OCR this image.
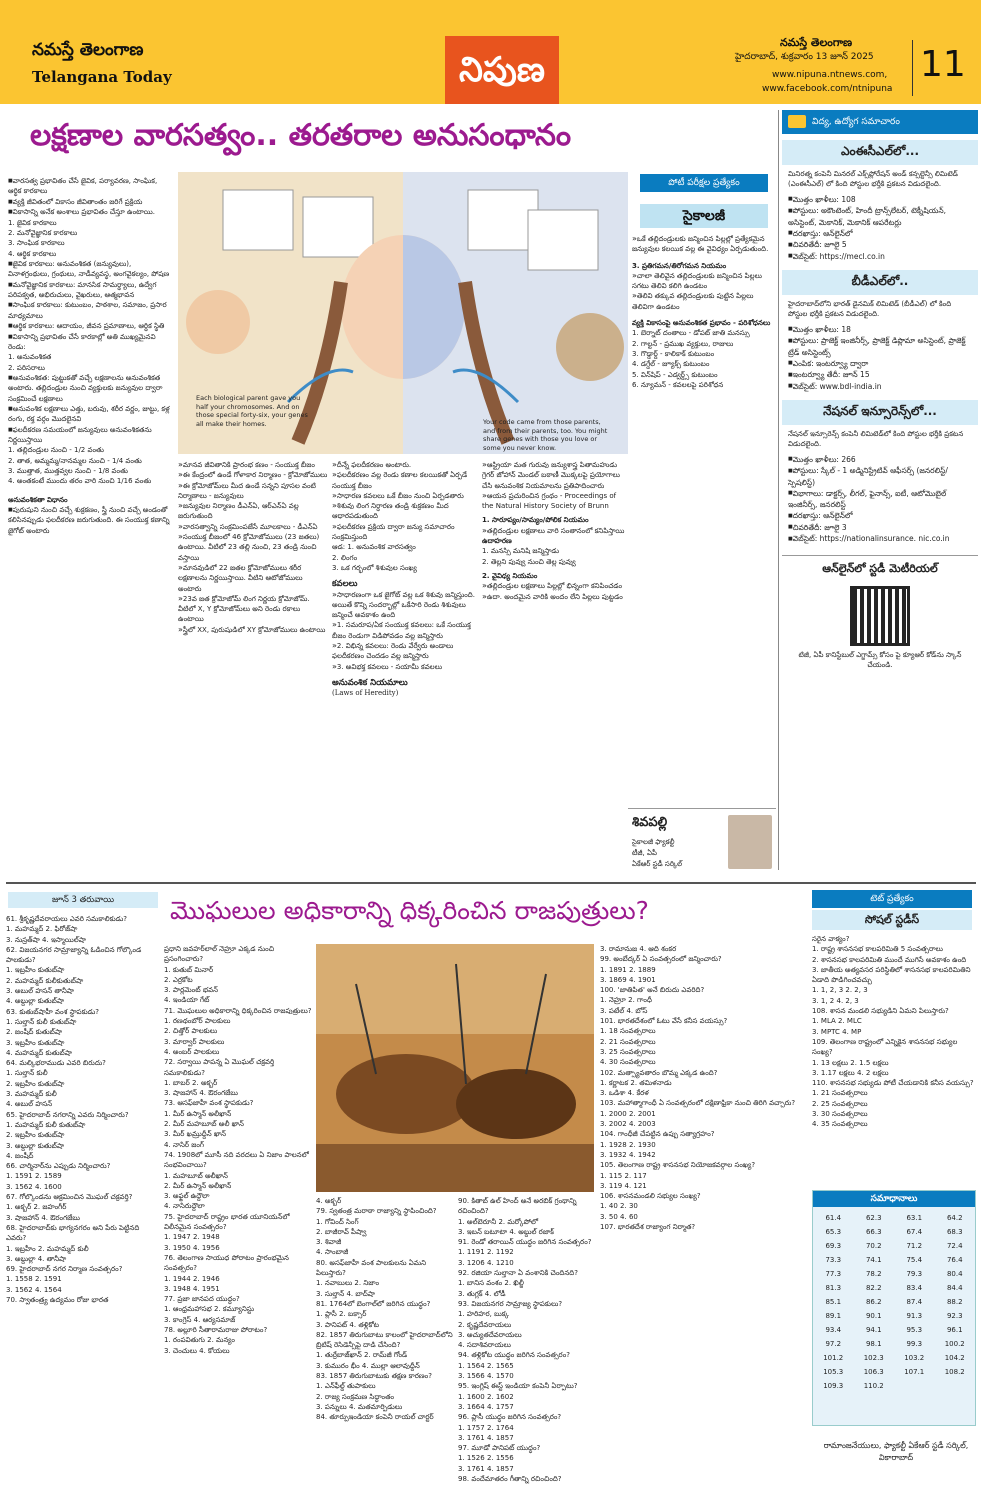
నమస్తే తెలంగాణ
Telangana Today	నిపుణ
నమస్తే తెలంగాణ
హైదరాబాద్, శుక్రవారం 13 జూన్ 2025
www.nipuna.ntnews.com,
www.facebook.com/ntnipuna
11
లక్షణాల వారసత్వం.. తరతరాల అనుసంధానం
Each biological parent gave you half your chromosomes. And on those special forty-six, your genes all make their homes.	Your code came from those parents, and from their parents, too. You might share genes with those you love or some you never know.
పోటీ పరీక్షల ప్రత్యేకం
సైకాలజీ

■ వారసత్వ ప్రభావితం చేసే జైవిక, పర్యావరణ, సాంఘిక, ఆర్థిక కారకాలు

■ వ్యక్తి జీవితంలో వికాసం జీవితాంతం జరిగే ప్రక్రియ

■ వికాసాన్ని అనేక అంశాలు ప్రభావితం చేస్తూ ఉంటాయి.

1. జైవిక కారకాలు

2. మనోవైజ్ఞానిక కారకాలు

3. సాంఘిక కారకాలు

4. ఆర్థిక కారకాలు

■ జైవిక కారకాలు: అనువంశికత (జన్యువులు), వినాళగ్రంథులు, గ్రంథులు, నాడీవ్యవస్థ, అంగవైకల్యం, పోషణ

■ మనోవైజ్ఞానిక కారకాలు: మానసిక సామర్థ్యాలు, ఉద్వేగ పరిపక్వత, అభిరుచులు, వైఖరులు, ఆత్మభావన

■ సాంఘిక కారకాలు: కుటుంబం, పాఠశాల, సమాజం, ప్రసార మాధ్యమాలు

■ ఆర్థిక కారకాలు: ఆదాయం, జీవన ప్రమాణాలు, ఆర్థిక స్థితి

■ వికాసాన్ని ప్రభావితం చేసే కారకాల్లో అతి ముఖ్యమైనవి రెండు:

1. అనువంశికత

2. పరిసరాలు

■ అనువంశికత: పుట్టుకతో వచ్చే లక్షణాలను అనువంశికత అంటారు. తల్లిదండ్రుల నుంచి వ్యక్తులకు జన్యువుల ద్వారా సంక్రమించే లక్షణాలు

■ అనువంశిక లక్షణాలు ఎత్తు, బరువు, శరీర వర్ణం, జుట్టు, కళ్ల రంగు, రక్త వర్గం మొదలైనవి

■ ఫలదీకరణ సమయంలో జన్యువులు అనువంశికతను నిర్ణయిస్తాయి

1. తల్లిదండ్రుల నుంచి - 1/2 వంతు

2. తాత, అమ్మమ్మ/నానమ్మల నుంచి - 1/4 వంతు

3. ముత్తాత, ముత్తవ్వల నుంచి - 1/8 వంతు

4. అంతకంటే ముందు తరం వారి నుంచి 1/16 వంతు

అనువంశికతా విధానం

■ పురుషుని నుంచి వచ్చే శుక్రకణం, స్త్రీ నుంచి వచ్చే అండంతో కలిసినప్పుడు ఫలదీకరణ జరుగుతుంది. ఈ సంయుక్త కణాన్ని జైగోట్ అంటారు

» మానవ జీవితానికి ప్రారంభ కణం - సంయుక్త బీజం

» ఈ కేంద్రంలో ఉండే గోళాకార నిర్మాణం - క్రోమోజోములు

» ఈ క్రోమోజోమ్‌లు మీద ఉండే సన్నని పూసల వంటి నిర్మాణాలు - జన్యువులు

» జన్యువుల నిర్మాణం డీఎన్ఏ, ఆర్ఎన్ఏ వల్ల జరుగుతుంది

» వారసత్వాన్ని సంక్రమింపజేసే మూలకాలు - డీఎన్ఏ

» సంయుక్త బీజంలో 46 క్రోమోజోములు (23 జతలు) ఉంటాయి. వీటిలో 23 తల్లి నుంచి, 23 తండ్రి నుంచి వస్తాయి

» మానవుడిలో 22 జతల క్రోమోజోములు శరీర లక్షణాలను నిర్ణయిస్తాయి. వీటిని ఆటోజోములు అంటారు

» 23వ జత క్రోమోజోమ్‌ లింగ నిర్ణయ క్రోమోజోమ్‌. వీటిలో X, Y క్రోమోజోమ్‌లు అని రెండు రకాలు ఉంటాయి

» స్త్రీలో XX, పురుషుడిలో XY క్రోమోజోములు ఉంటాయి

» దీన్నే ఫలదీకరణం అంటారు.

» ఫలదీకరణం వల్ల రెండు కణాల కలయికతో ఏర్పడే సంయుక్త బీజం

» సాధారణ కవలలు ఒకే బీజం నుంచి ఏర్పడతారు

» శిశువు లింగ నిర్ధారణ తండ్రి శుక్రకణం మీద ఆధారపడుతుంది

» ఫలదీకరణ ప్రక్రియ ద్వారా జన్యు సమాచారం సంక్రమిస్తుంది

ఆడ: 1. అనువంశిక వారసత్వం

2. లింగం

3. ఒక గర్భంలో శిశువుల సంఖ్య

కవలలు

» సాధారణంగా ఒక జైగోట్ వల్ల ఒక శిశువు జన్మిస్తుంది. అయితే కొన్ని సందర్భాల్లో ఒకేసారి రెండు శిశువులు జన్మించే అవకాశం ఉంది

» 1. సమరూప/ఏక సంయుక్త కవలలు: ఒకే సంయుక్త బీజం రెండుగా విడిపోవడం వల్ల జన్మిస్తారు

» 2. విభిన్న కవలలు: రెండు వేర్వేరు అండాలు ఫలదీకరణం చెందడం వల్ల జన్మిస్తారు

» 3. అవిభక్త కవలలు - సయామీ కవలలు

అనువంశిక నియమాలు

(Laws of Heredity)

» ఆస్ట్రియా మత గురువు జన్యుశాస్త్ర పితామహుడు గ్రెగర్ జోహాన్ మెండల్ బఠాణీ మొక్కలపై ప్రయోగాలు చేసి అనువంశిక నియమాలను ప్రతిపాదించారు

» ఆయన ప్రచురించిన గ్రంథం - Proceedings of the Natural History Society of Brunn

1. సారూప్యం/సామ్యం/పోలిక నియమం

» తల్లిదండ్రుల లక్షణాలు వారి సంతానంలో కనిపిస్తాయి

ఉదాహరణ

1. మనస్సి మనిషి జన్మిస్తాడు

2. తెల్లని పువ్వు నుంచి తెల్ల పువ్వు

2. వైవిధ్య నియమం

» తల్లిదండ్రుల లక్షణాలు పిల్లల్లో భిన్నంగా కనిపించడం

» ఉదా. అందమైన వారికి అందం లేని పిల్లలు పుట్టడం

» ఒకే తల్లిదండ్రులకు జన్మించిన పిల్లల్లో ప్రత్యేకమైన జన్యువుల కలయిక వల్ల ఈ వైవిధ్యం ఏర్పడుతుంది.

3. ప్రతిగమన/తిరోగమన నియమం

» చాలా తెలివైన తల్లిదండ్రులకు జన్మించిన పిల్లలు సగటు తెలివి కలిగి ఉండటం

» తెలివి తక్కువ తల్లిదండ్రులకు పుట్టిన పిల్లలు తెలివిగా ఉండటం

వ్యక్తి వికాసంపై అనువంశికత ప్రభావం - పరిశోధనలు

1. బెర్నాట్ దంతాలు - డోపట్ జాతి మనస్సు

2. గాల్టన్ - ప్రముఖ వ్యక్తులు, రాజులు

3. గొడ్డార్డ్ - కాలికాక్ కుటుంబం

4. డగ్డేల్ - జ్యూక్స్ కుటుంబం

5. విన్‌షిప్ - ఎడ్వర్డ్స్ కుటుంబం

6. న్యూమన్ - కవలలపై పరిశోధన

శివపల్లి
సైకాలజీ ఫ్యాకల్టీ
టీజీ, ఏపీ
ఏకేఆర్ స్టడీ సర్కిల్
విద్య, ఉద్యోగ సమాచారం
ఎంఈసీఎల్‌లో...
మినిరత్న కంపెనీ మినరల్ ఎక్స్‌ప్లోరేషన్ అండ్ కన్సల్టెన్సీ లిమిటెడ్ (ఎంఈసీఎల్) లో కింది పోస్టుల భర్తీకి ప్రకటన విడుదలైంది.

■ మొత్తం ఖాళీలు: 108

■ పోస్టులు: అకౌంటెంట్, హిందీ ట్రాన్స్‌లేటర్, టెక్నీషియన్, అసిస్టెంట్, మెకానిక్, మెకానిక్ ఆపరేటర్లు

■ దరఖాస్తు: ఆన్‌లైన్‌లో

■ చివరితేదీ: జూలై 5

■ వెబ్‌సైట్: https://mecl.co.in

బీడీఎల్‌లో..
హైదరాబాద్‌లోని భారత్ డైనమిక్ లిమిటెడ్ (బీడీఎల్) లో కింది పోస్టుల భర్తీకి ప్రకటన విడుదలైంది.

■ మొత్తం ఖాళీలు: 18

■ పోస్టులు: ప్రాజెక్ట్ ఇంజినీర్స్, ప్రాజెక్ట్ డిప్లొమా అసిస్టెంట్, ప్రాజెక్ట్ ట్రేడ్ అసిస్టెంట్స్

■ ఎంపిక: ఇంటర్వ్యూ ద్వారా

■ ఇంటర్వ్యూ తేదీ: జూన్ 15

■ వెబ్‌సైట్: www.bdl-india.in

నేషనల్ ఇన్సూరెన్స్‌లో...
నేషనల్ ఇన్సూరెన్స్ కంపెనీ లిమిటెడ్‌లో కింది పోస్టుల భర్తీకి ప్రకటన విడుదలైంది.

■ మొత్తం ఖాళీలు: 266

■ పోస్టులు: స్కేల్ - 1 అడ్మినిస్ట్రేటివ్ ఆఫీసర్స్ (జనరలిస్ట్/స్పెషలిస్ట్)

■ విభాగాలు: డాక్టర్స్, లీగల్, ఫైనాన్స్, ఐటీ, ఆటోమొబైల్ ఇంజినీర్స్, జనరలిస్ట్

■ దరఖాస్తు: ఆన్‌లైన్‌లో

■ చివరితేదీ: జూలై 3

■ వెబ్‌సైట్: https://nationalinsurance. nic.co.in

ఆన్‌లైన్‌లో స్టడీ మెటీరియల్
టిజీ, ఏపీ కానిస్టేబుల్ ఎగ్జామ్స్ కోసం పై క్యూఆర్ కోడ్‌ను స్కాన్ చేయండి.
జూన్ 3 తరువాయి	మొఘలుల అధికారాన్ని ధిక్కరించిన రాజపుత్రులు?	టెట్ ప్రత్యేకం
సోషల్ స్టడీస్

61. శ్రీకృష్ణదేవరాయలు ఎవరి సమకాలికుడు?

1. మహమ్మద్ 2. ఫిరోజ్‌షా

3. నుస్రత్‌షా 4. ఇస్మాయిల్‌షా

62. విజయనగర సామ్రాజ్యాన్ని ఓడించిన గోల్కొండ పాలకుడు?

1. ఇబ్రహీం కుతుబ్‌షా

2. మహమ్మద్ కులీకుతుబ్‌షా

3. అబుల్ హసన్ తానీషా

4. అబ్దుల్లా కుతుబ్‌షా

63. కుతుబ్‌షాహీ వంశ స్థాపకుడు?

1. సుల్తాన్ కులీ కుతుబ్‌షా

2. జంషీద్ కుతుబ్‌షా

3. ఇబ్రహీం కుతుబ్‌షా

4. మహమ్మద్ కుతుబ్‌షా

64. మల్కిభరాముడు ఎవరి బిరుదు?

1. సుల్తాన్ కులీ

2. ఇబ్రహీం కుతుబ్‌షా

3. మహమ్మద్ కులీ

4. అబుల్ హసన్

65. హైదరాబాద్ నగరాన్ని ఎవరు నిర్మించారు?

1. మహమ్మద్ కులీ కుతుబ్‌షా

2. ఇబ్రహీం కుతుబ్‌షా

3. అబ్దుల్లా కుతుబ్‌షా

4. జంషీద్

66. చార్మినార్‌ను ఎప్పుడు నిర్మించారు?

1. 1591 2. 1589

3. 1562 4. 1600

67. గోల్కొండను ఆక్రమించిన మొఘల్ చక్రవర్తి?

1. అక్బర్ 2. జహంగీర్

3. షాజహాన్ 4. ఔరంగజేబు

68. హైదరాబాద్‌కు భాగ్యనగరం అని పేరు పెట్టినది ఎవరు?

1. ఇబ్రహీం 2. మహమ్మద్ కులీ

3. అబ్దుల్లా 4. తానీషా

69. హైదరాబాద్ నగర నిర్మాణ సంవత్సరం?

1. 1558 2. 1591

3. 1562 4. 1564

70. స్వాతంత్ర్య ఉద్యమం రోజు భారత

ప్రధాని జవహర్‌లాల్ నెహ్రూ ఎక్కడ నుంచి ప్రసంగించారు?

1. కుతుబ్ మినార్

2. ఎర్రకోట

3. పార్లమెంట్ భవన్

4. ఇండియా గేట్

71. మొఘలుల అధికారాన్ని ధిక్కరించిన రాజపుత్రులు?

1. రణథంబోర్ పాలకులు

2. చిత్తోర్ పాలకులు

3. మార్వార్ పాలకులు

4. అంబర్ పాలకులు

72. సర్వాయి పాపన్న ఏ మొఘల్ చక్రవర్తి సమకాలికుడు?

1. బాబర్ 2. అక్బర్

3. షాజహాన్ 4. ఔరంగజేబు

73. ఆసఫ్‌జాహీ వంశ స్థాపకుడు?

1. మీర్ ఉస్మాన్ అలీఖాన్

2. మీర్ మహబూబ్ అలీ ఖాన్

3. మీర్ ఖమ్రుద్దీన్ ఖాన్

4. నాసిర్ జంగ్

74. 1908లో మూసీ నది వరదలు ఏ నిజాం పాలనలో సంభవించాయి?

1. మహబూబ్ అలీఖాన్

2. మీర్ ఉస్మాన్ అలీఖాన్

3. అఫ్జల్ ఉద్దౌలా

4. నాసిరుద్దౌలా

75. హైదరాబాద్ రాష్ట్రం భారత యూనియన్‌లో విలీనమైన సంవత్సరం?

1. 1947 2. 1948

3. 1950 4. 1956

76. తెలంగాణ సాయుధ పోరాటం ప్రారంభమైన సంవత్సరం?

1. 1944 2. 1946

3. 1948 4. 1951

77. ప్రజా జానపద యుద్ధం?

1. ఆంధ్రమహాసభ 2. కమ్యూనిస్టు

3. కాంగ్రెస్ 4. ఆర్యసమాజ్

78. అల్లూరి సీతారామరాజు పోరాటం?

1. రంపవితుగు 2. మన్యం

3. చెంచులు 4. కోయలు

4. అక్బర్

79. స్వతంత్ర మరాఠా రాజ్యాన్ని స్థాపించింది?

1. గోవింద్ సింగ్

2. బాజీరావ్ పీష్వా

3. శివాజీ

4. సాంబాజీ

80. అసఫ్‌జాహీ వంశ పాలకులను ఏమని పిలుస్తారు?

1. నవాబులు 2. నిజాం

3. సుల్తాన్ 4. బాద్‌షా

81. 1764లో బెంగాల్‌లో జరిగిన యుద్ధం?

1. ప్లాసీ 2. బక్సార్

3. పానిపట్ 4. తళ్లికోట

82. 1857 తిరుగుబాటు కాలంలో హైదరాబాద్‌లోని బ్రిటిష్ రెసిడెన్సీపై దాడి చేసింది?

1. తుర్రేబాజ్‌ఖాన్ 2. రామ్‌జీ గోండ్

3. కుమురం భీం 4. ముల్లా ఆలావుద్దీన్

83. 1857 తిరుగుబాటుకు తక్షణ కారణం?

1. ఎన్‌ఫీల్డ్ తుపాకులు

2. రాజ్య సంక్రమణ సిద్ధాంతం

3. పన్నులు 4. మతమార్పిడులు

84. తూర్పుఇండియా కంపెనీ రాయల్ చార్టర్

90. కితాబ్ ఉల్ హింద్ అనే అరబిక్ గ్రంథాన్ని రచించింది?

1. అల్‌బెరూనీ 2. మర్కోపోలో

3. ఇబన్ బటూటా 4. అబ్దుల్ రజాక్

91. రెండో తరాయిన్ యుద్ధం జరిగిన సంవత్సరం?

1. 1191 2. 1192

3. 1206 4. 1210

92. రజియా సుల్తానా ఏ వంశానికి చెందినది?

1. బానిస వంశం 2. ఖిల్జీ

3. తుగ్లక్ 4. లోడీ

93. విజయనగర సామ్రాజ్య స్థాపకులు?

1. హరిహర, బుక్క

2. కృష్ణదేవరాయలు

3. అచ్యుతదేవరాయలు

4. సదాశివరాయలు

94. తళ్లికోట యుద్ధం జరిగిన సంవత్సరం?

1. 1564 2. 1565

3. 1566 4. 1570

95. ఇంగ్లిష్ ఈస్ట్ ఇండియా కంపెనీ ఏర్పాటు?

1. 1600 2. 1602

3. 1664 4. 1757

96. ప్లాసీ యుద్ధం జరిగిన సంవత్సరం?

1. 1757 2. 1764

3. 1761 4. 1857

97. మూడో పానిపట్ యుద్ధం?

1. 1526 2. 1556

3. 1761 4. 1857

98. వందేమాతరం గీతాన్ని రచించింది?

3. రామానుజ 4. ఆది శంకర

99. అంబేద్కర్ ఏ సంవత్సరంలో జన్మించారు?

1. 1891 2. 1889

3. 1869 4. 1901

100. 'జాతిపిత' అనే బిరుదు ఎవరిది?

1. నెహ్రూ 2. గాంధీ

3. పటేల్ 4. బోస్

101. భారతదేశంలో ఓటు వేసే కనీస వయస్సు?

1. 18 సంవత్సరాలు

2. 21 సంవత్సరాలు

3. 25 సంవత్సరాలు

4. 30 సంవత్సరాలు

102. మత్స్యావతారం బొమ్మ ఎక్కడ ఉంది?

1. కర్ణాటక 2. తమిళనాడు

3. ఒడిశా 4. కేరళ

103. మహాత్మాగాంధీ ఏ సంవత్సరంలో దక్షిణాఫ్రికా నుంచి తిరిగి వచ్చారు?

1. 2000 2. 2001

3. 2002 4. 2003

104. గాంధీజీ చేపట్టిన ఉప్పు సత్యాగ్రహం?

1. 1928 2. 1930

3. 1932 4. 1942

105. తెలంగాణ రాష్ట్ర శాసనసభ నియోజకవర్గాల సంఖ్య?

1. 115 2. 117

3. 119 4. 121

106. శాసనమండలి సభ్యుల సంఖ్య?

1. 40 2. 30

3. 50 4. 60

107. భారతదేశ రాజ్యాంగ నిర్మాత?

సరైన వాక్యం?

1. రాష్ట్ర శాసనసభ కాలపరిమితి 5 సంవత్సరాలు

2. శాసనసభ కాలపరిమితి ముందే ముగిసే అవకాశం ఉంది

3. జాతీయ అత్యవసర పరిస్థితిలో శాసనసభ కాలపరిమితిని ఏడాది పొడిగించవచ్చు

1. 1, 2, 3 2. 2, 3

3. 1, 2 4. 2, 3

108. శాసన మండలి సభ్యుడిని ఏమని పిలుస్తారు?

1. MLA 2. MLC

3. MPTC 4. MP

109. తెలంగాణ రాష్ట్రంలో ఎన్నికైన శాసనసభ సభ్యుల సంఖ్య?

1. 13 లక్షలు 2. 1.5 లక్షలు

3. 1.17 లక్షలు 4. 2 లక్షలు

110. శాసనసభ సభ్యుడు పోటీ చేయడానికి కనీస వయస్సు?

1. 21 సంవత్సరాలు

2. 25 సంవత్సరాలు

3. 30 సంవత్సరాలు

4. 35 సంవత్సరాలు

సమాధానాలు
61.4	62.3	63.1	64.2
65.3	66.3	67.4	68.3
69.3	70.2	71.2	72.4
73.3	74.1	75.4	76.4
77.3	78.2	79.3	80.4
81.3	82.2	83.4	84.4
85.1	86.2	87.4	88.2
89.1	90.1	91.3	92.3
93.4	94.1	95.3	96.1
97.2	98.1	99.3	100.2
101.2	102.3	103.2	104.2
105.3	106.3	107.1	108.2
109.3	110.2		
రామాంజనేయులు, ఫ్యాకల్టీ ఏకేఆర్ స్టడీ సర్కిల్, వికారాబాద్
